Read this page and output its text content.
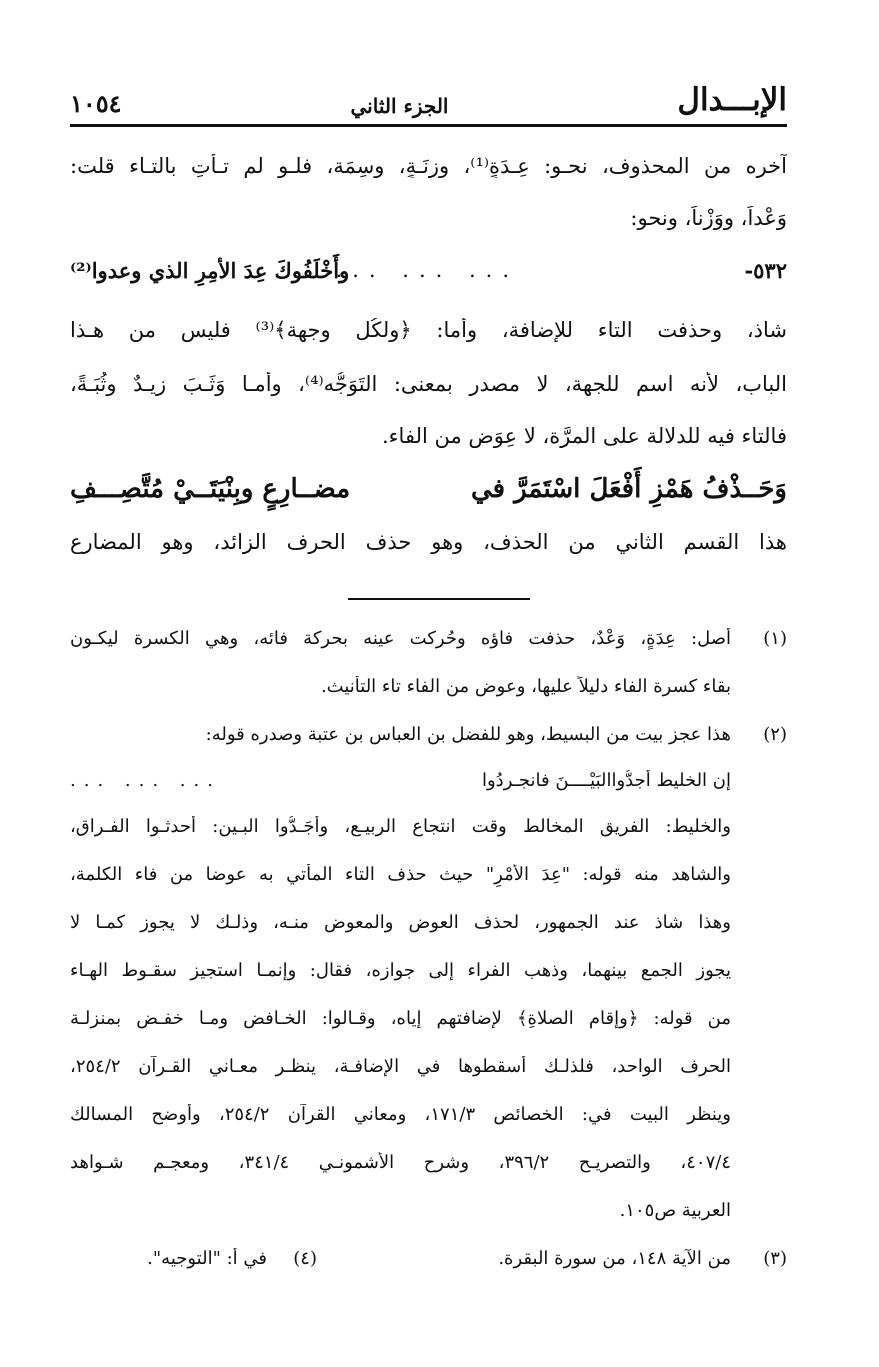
الإبـــدال
الجزء الثاني
١٠٥٤
آخره من المحذوف، نحـو: عِـدَةٍ⁽¹⁾، وزِنَـةٍ، وسِمَة، فلـو لم تـأتِ بالتـاء قلت:
وَعْداً، ووَزْناً، ونحو:
٥٣٢-
... ... ...
وأَخْلَفُوكَ عِدَ الأمِرِ الذي وعدوا⁽²⁾
شاذ، وحذفت التاء للإضافة، وأما: ﴿ولكُلٍ وجهة﴾⁽³⁾ فليس من هـذا
الباب، لأنه اسم للجهة، لا مصدر بمعنى: التَوَجُّه⁽⁴⁾، وأمـا وَثَـبَ زيـدٌ وثُبَـةً،
فالتاء فيه للدلالة على المرَّة، لا عِوَض من الفاء.
وَحَــذْفُ هَمْزِ أَفْعَلَ اسْتَمَرَّ في
مضــارِعٍ وبِنْيَتَــيْ مُتَّصِـــفِ
هذا القسم الثاني من الحذف، وهو حذف الحرف الزائد، وهو المضارع
(١)
أصل: عِدَةٍ، وَعْدٌ، حذفت فاؤه وحُركت عينه بحركة فائه، وهي الكسرة ليكـون
بقاء كسرة الفاء دليلاً عليها، وعوض من الفاء تاء التأنيث.
(٢)
هذا عجز بيت من البسيط، وهو للفضل بن العباس بن عتبة وصدره قوله:
إن الخليط أجدُّواالبَيْــــنَ فانجـردُوا
... ... ...
والخليط: الفريق المخالط وقت انتجاع الربيـع، وأجَـدُّوا البـين: أحدثـوا الفـراق،
والشاهد منه قوله: "عِدَ الأَمْرِ" حيث حذف التاء المأتي به عوضا من فاء الكلمة،
وهذا شاذ عند الجمهور، لحذف العوض والمعوض منـه، وذلـك لا يجوز كمـا لا
يجوز الجمع بينهما، وذهب الفراء إلى جوازه، فقال: وإنمـا استجيز سقـوط الهـاء
من قوله: ﴿وإقام الصلاةِ﴾ لإضافتهم إياه، وقـالوا: الخـافض ومـا خفـض بمنزلـة
الحرف الواحد، فلذلـك أسقطوها في الإضافـة، ينظـر معـاني القـرآن ٢٥٤/٢،
وينظر البيت في: الخصائص ١٧١/٣، ومعاني القرآن ٢٥٤/٢، وأوضح المسالك
٤٠٧/٤، والتصريـح ٣٩٦/٢، وشرح الأشمونـي ٣٤١/٤، ومعجـم شـواهد
العربية ص١٠٥.
(٣)
من الآية ١٤٨، من سورة البقرة.
(٤)
في أ: "التوجيه".
